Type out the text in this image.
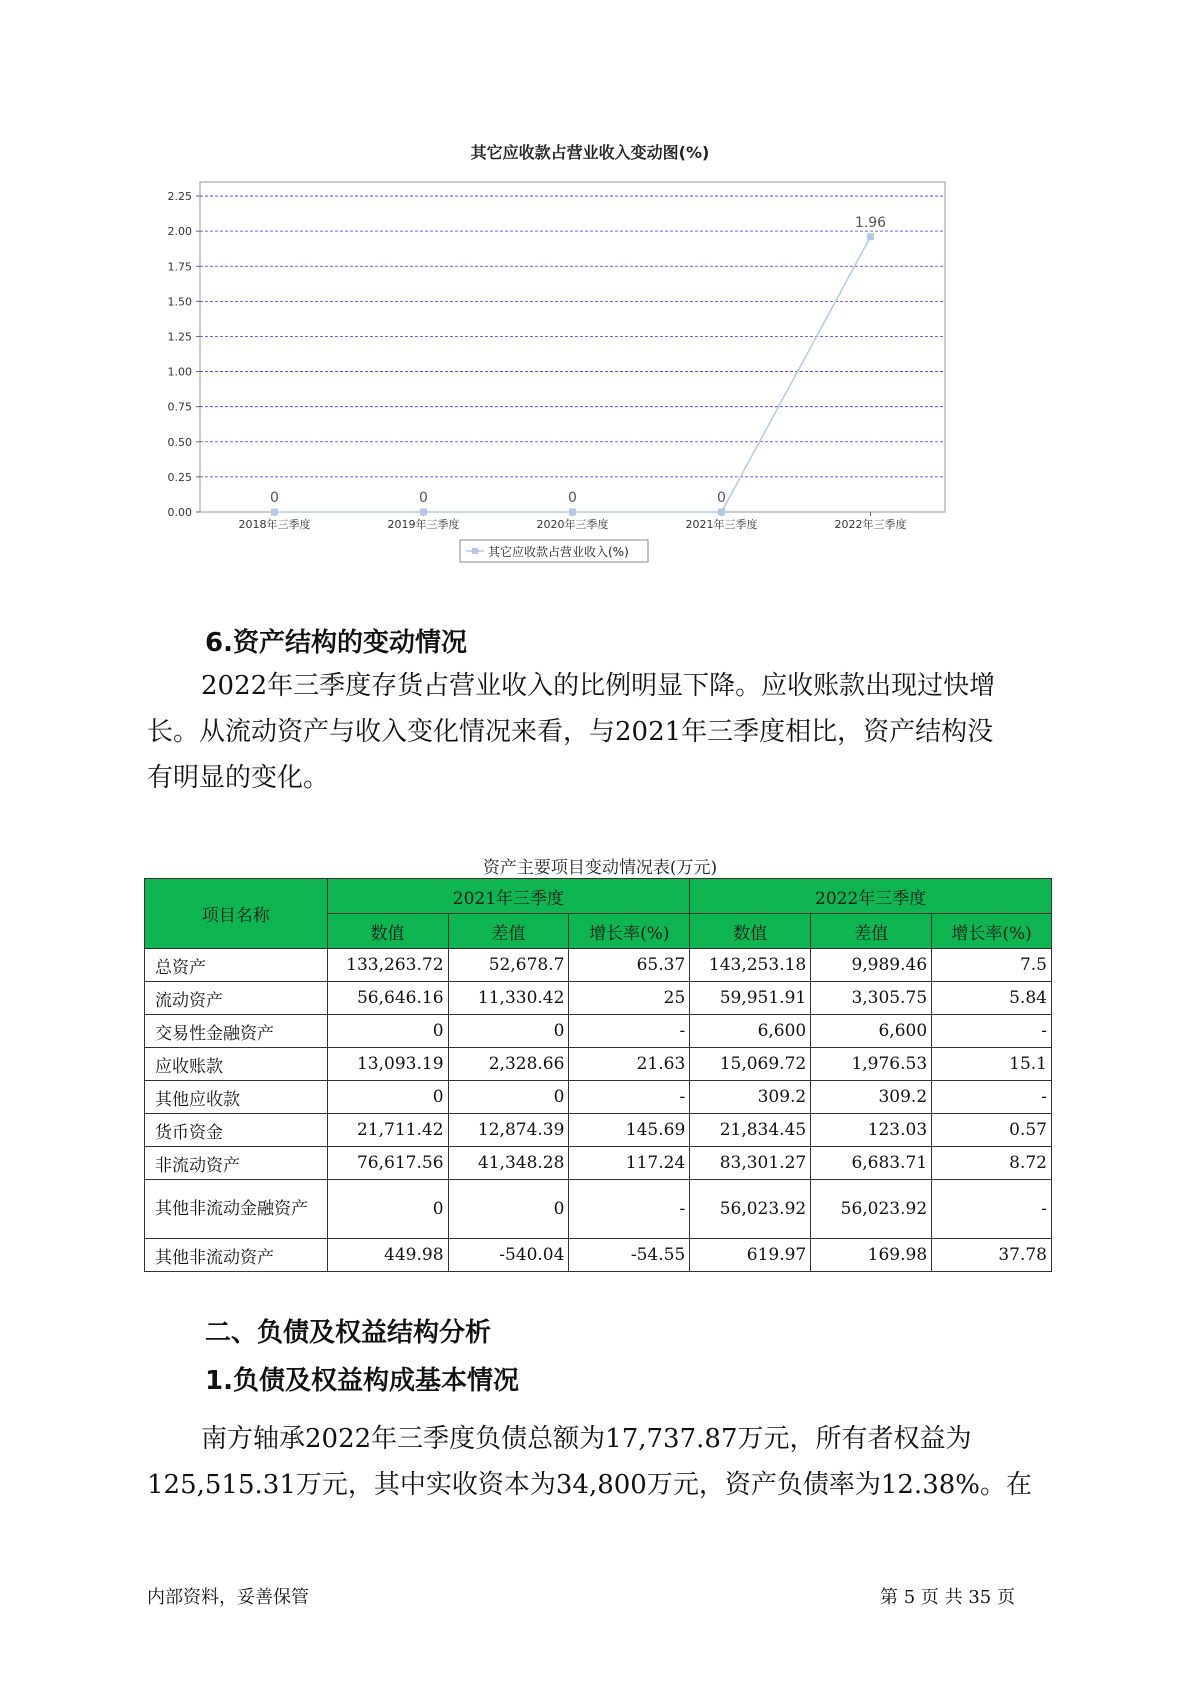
其它应收款占营业收入变动图(%)
0.00
0.25
0.50
0.75
1.00
1.25
1.50
1.75
2.00
2.25
2018年三季度	2019年三季度	2020年三季度	2021年三季度	2022年三季度
0	0	0	0
1.96
其它应收款占营业收入(%)
6.资产结构的变动情况
2022年三季度存货占营业收入的比例明显下降。应收账款出现过快增
长。从流动资产与收入变化情况来看，与2021年三季度相比，资产结构没
有明显的变化。
资产主要项目变动情况表(万元)
项目名称	2021年三季度			2022年三季度		
	数值	差值	增长率(%)	数值	差值	增长率(%)
总资产	133,263.72	52,678.7	65.37	143,253.18	9,989.46	7.5
流动资产	56,646.16	11,330.42	25	59,951.91	3,305.75	5.84
交易性金融资产	0	0	-	6,600	6,600	-
应收账款	13,093.19	2,328.66	21.63	15,069.72	1,976.53	15.1
其他应收款	0	0	-	309.2	309.2	-
货币资金	21,711.42	12,874.39	145.69	21,834.45	123.03	0.57
非流动资产	76,617.56	41,348.28	117.24	83,301.27	6,683.71	8.72
其他非流动金融资产	0	0	-	56,023.92	56,023.92	-
其他非流动资产	449.98	-540.04	-54.55	619.97	169.98	37.78
二、负债及权益结构分析
1.负债及权益构成基本情况
南方轴承2022年三季度负债总额为17,737.87万元，所有者权益为
125,515.31万元，其中实收资本为34,800万元，资产负债率为12.38%。在
内部资料，妥善保管	第 5 页 共 35 页
